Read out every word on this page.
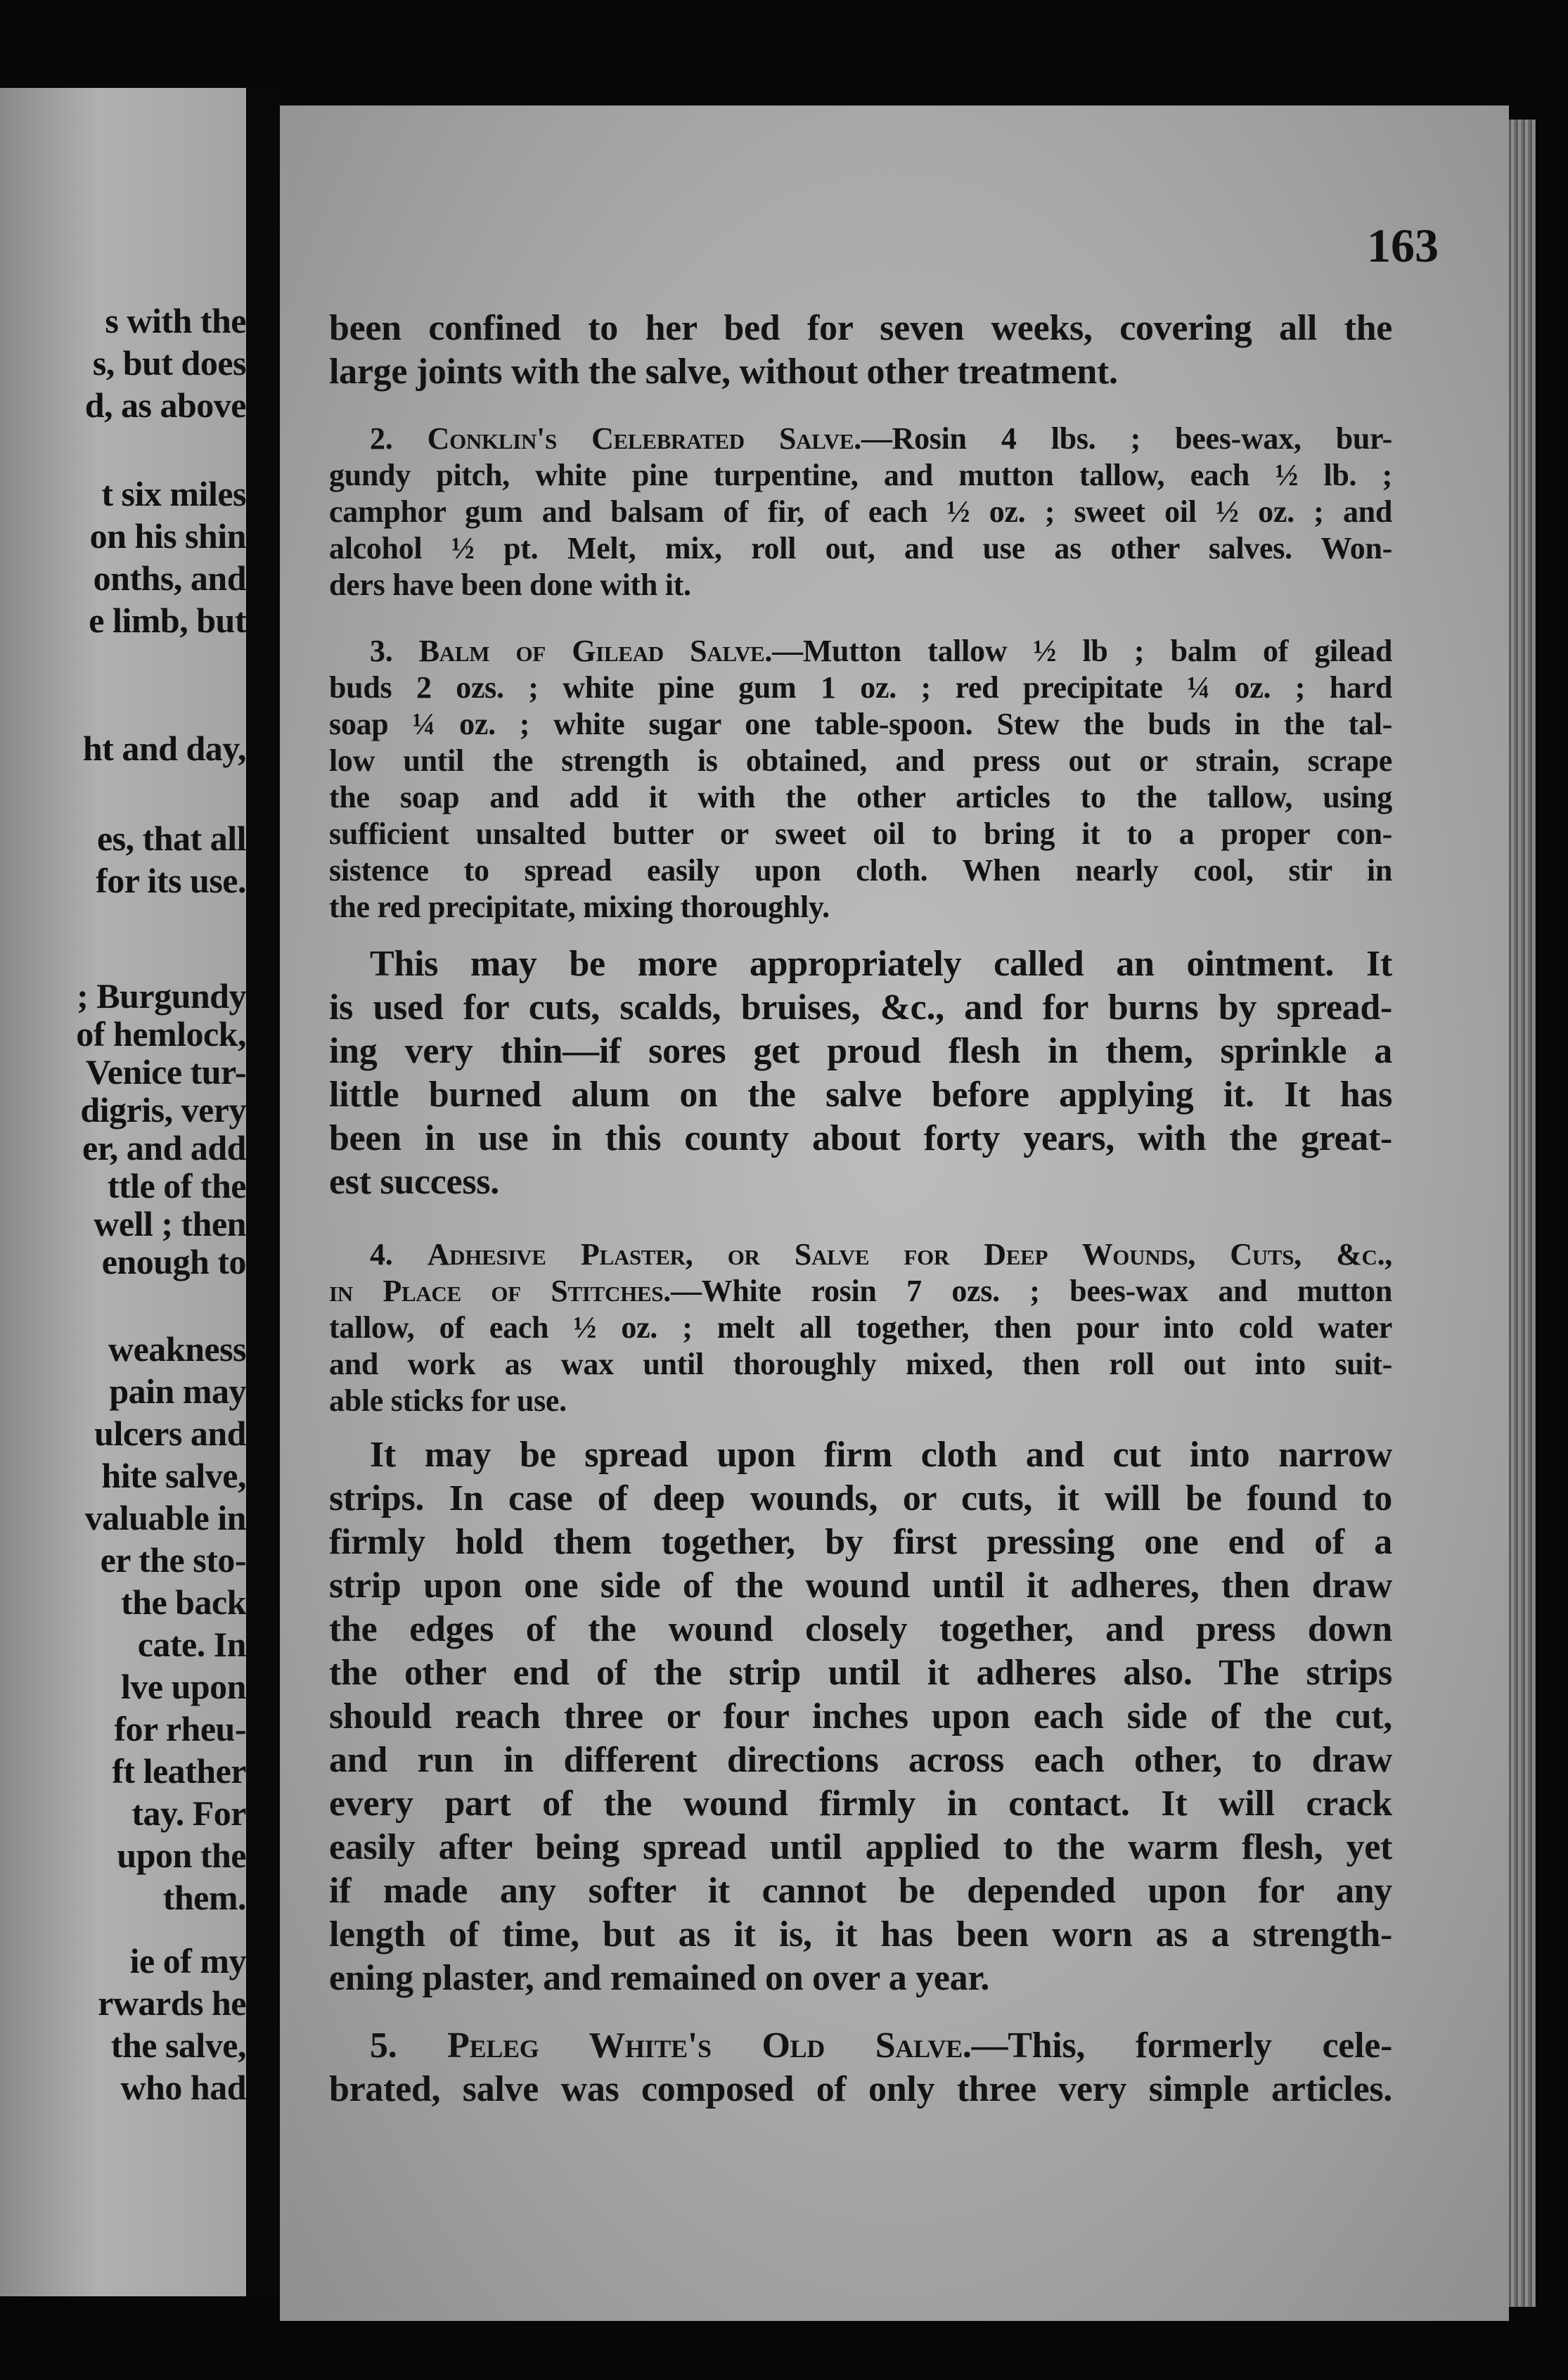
s with the
s, but does
d, as above
t six miles
on his shin
onths, and
e limb, but
ht and day,
es, that all
for its use.
; Burgundy
of hemlock,
Venice tur-
digris, very
er, and add
ttle of the
well ; then
enough to
weakness
pain may
ulcers and
hite salve,
valuable in
er the sto-
the back
cate. In
lve upon
for rheu-
ft leather
tay. For
upon the
them.
ie of my
rwards he
the salve,
who had
163
been confined to her bed for seven weeks, covering all the
large joints with the salve, without other treatment.
2. Conklin's Celebrated Salve.—Rosin 4 lbs. ; bees-wax, bur-
gundy pitch, white pine turpentine, and mutton tallow, each ½ lb. ;
camphor gum and balsam of fir, of each ½ oz. ; sweet oil ½ oz. ; and
alcohol ½ pt. Melt, mix, roll out, and use as other salves. Won-
ders have been done with it.
3. Balm of Gilead Salve.—Mutton tallow ½ lb ; balm of gilead
buds 2 ozs. ; white pine gum 1 oz. ; red precipitate ¼ oz. ; hard
soap ¼ oz. ; white sugar one table-spoon. Stew the buds in the tal-
low until the strength is obtained, and press out or strain, scrape
the soap and add it with the other articles to the tallow, using
sufficient unsalted butter or sweet oil to bring it to a proper con-
sistence to spread easily upon cloth. When nearly cool, stir in
the red precipitate, mixing thoroughly.
This may be more appropriately called an ointment. It
is used for cuts, scalds, bruises, &c., and for burns by spread-
ing very thin—if sores get proud flesh in them, sprinkle a
little burned alum on the salve before applying it. It has
been in use in this county about forty years, with the great-
est success.
4. Adhesive Plaster, or Salve for Deep Wounds, Cuts, &c.,
in Place of Stitches.—White rosin 7 ozs. ; bees-wax and mutton
tallow, of each ½ oz. ; melt all together, then pour into cold water
and work as wax until thoroughly mixed, then roll out into suit-
able sticks for use.
It may be spread upon firm cloth and cut into narrow
strips. In case of deep wounds, or cuts, it will be found to
firmly hold them together, by first pressing one end of a
strip upon one side of the wound until it adheres, then draw
the edges of the wound closely together, and press down
the other end of the strip until it adheres also. The strips
should reach three or four inches upon each side of the cut,
and run in different directions across each other, to draw
every part of the wound firmly in contact. It will crack
easily after being spread until applied to the warm flesh, yet
if made any softer it cannot be depended upon for any
length of time, but as it is, it has been worn as a strength-
ening plaster, and remained on over a year.
5. Peleg White's Old Salve.—This, formerly cele-
brated, salve was composed of only three very simple articles.
